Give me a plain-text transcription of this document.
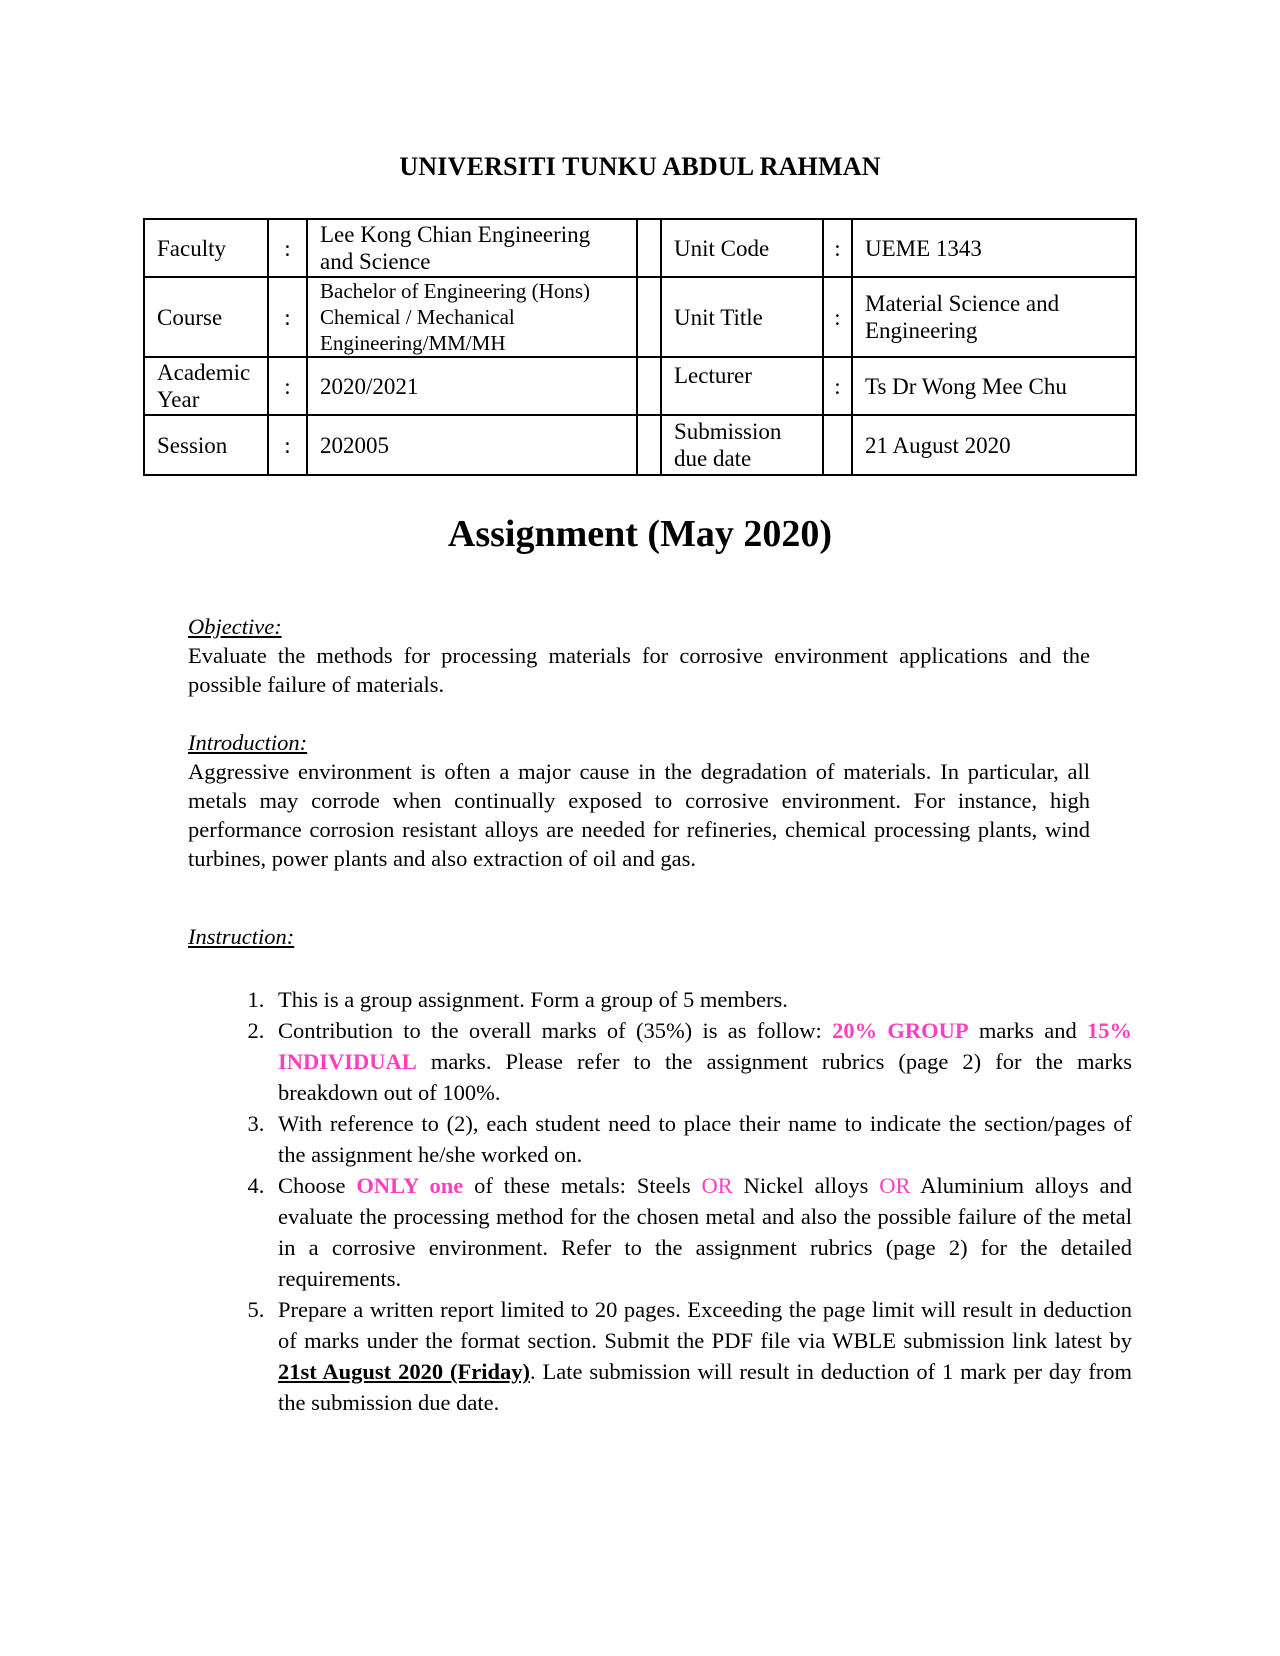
UNIVERSITI TUNKU ABDUL RAHMAN
Faculty	:	Lee Kong Chian Engineering and Science		Unit Code	:	UEME 1343
Course	:	Bachelor of Engineering (Hons) Chemical / Mechanical Engineering/MM/MH		Unit Title	:	Material Science and Engineering
Academic Year	:	2020/2021		Lecturer	:	Ts Dr Wong Mee Chu
Session	:	202005		Submission due date		21 August 2020
Assignment (May 2020)
Objective:
Evaluate the methods for processing materials for corrosive environment applications and the possible failure of materials.
Introduction:
Aggressive environment is often a major cause in the degradation of materials. In particular, all metals may corrode when continually exposed to corrosive environment. For instance, high performance corrosion resistant alloys are needed for refineries, chemical processing plants, wind turbines, power plants and also extraction of oil and gas.
Instruction:
1. This is a group assignment. Form a group of 5 members.
2. Contribution to the overall marks of (35%) is as follow: 20% GROUP marks and 15% INDIVIDUAL marks. Please refer to the assignment rubrics (page 2) for the marks breakdown out of 100%.
3. With reference to (2), each student need to place their name to indicate the section/pages of the assignment he/she worked on.
4. Choose ONLY one of these metals: Steels OR Nickel alloys OR Aluminium alloys and evaluate the processing method for the chosen metal and also the possible failure of the metal in a corrosive environment. Refer to the assignment rubrics (page 2) for the detailed requirements.
5. Prepare a written report limited to 20 pages. Exceeding the page limit will result in deduction of marks under the format section. Submit the PDF file via WBLE submission link latest by 21st August 2020 (Friday). Late submission will result in deduction of 1 mark per day from the submission due date.
